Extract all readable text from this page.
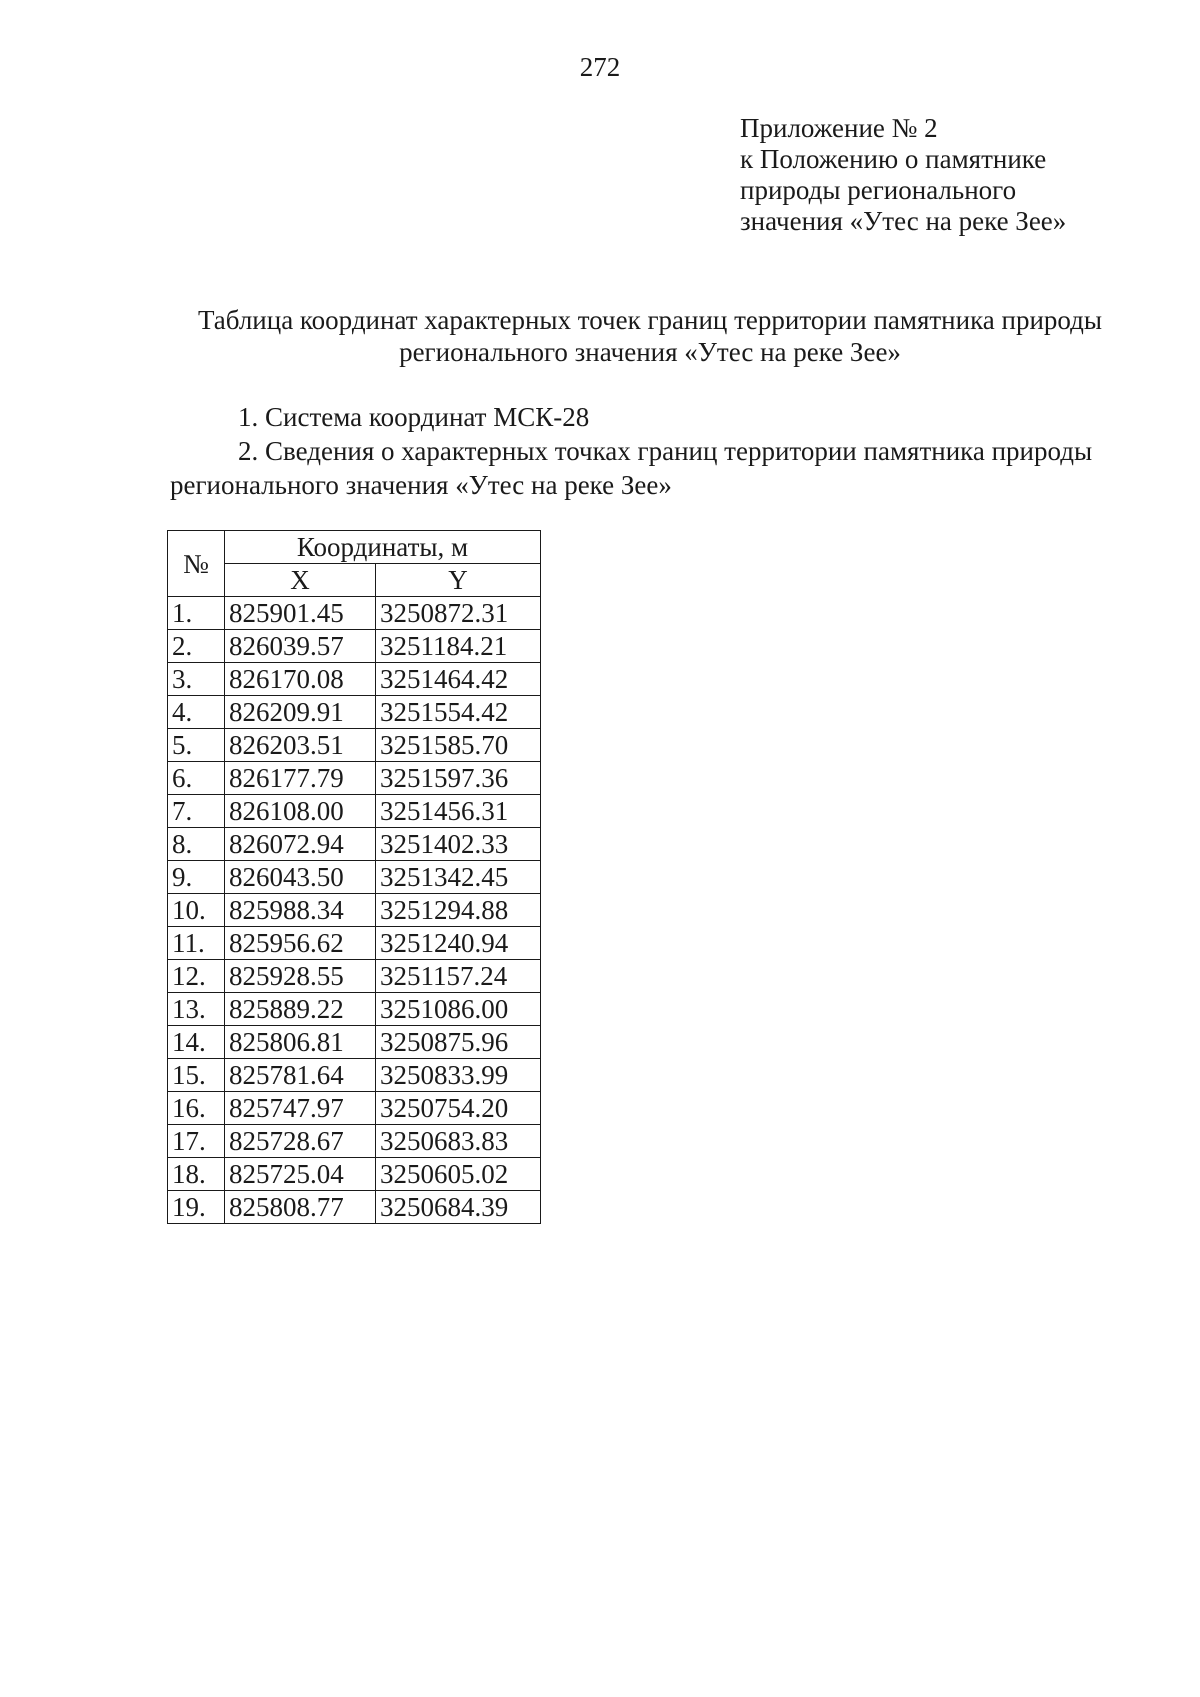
272
Приложение № 2
к Положению о памятнике
природы регионального
значения «Утес на реке Зее»
Таблица координат характерных точек границ территории памятника природы
регионального значения «Утес на реке Зее»
1. Система координат МСК-28
2. Сведения о характерных точках границ территории памятника природы
регионального значения «Утес на реке Зее»
№	Координаты, м	
	X	Y
1.	825901.45	3250872.31
2.	826039.57	3251184.21
3.	826170.08	3251464.42
4.	826209.91	3251554.42
5.	826203.51	3251585.70
6.	826177.79	3251597.36
7.	826108.00	3251456.31
8.	826072.94	3251402.33
9.	826043.50	3251342.45
10.	825988.34	3251294.88
11.	825956.62	3251240.94
12.	825928.55	3251157.24
13.	825889.22	3251086.00
14.	825806.81	3250875.96
15.	825781.64	3250833.99
16.	825747.97	3250754.20
17.	825728.67	3250683.83
18.	825725.04	3250605.02
19.	825808.77	3250684.39
